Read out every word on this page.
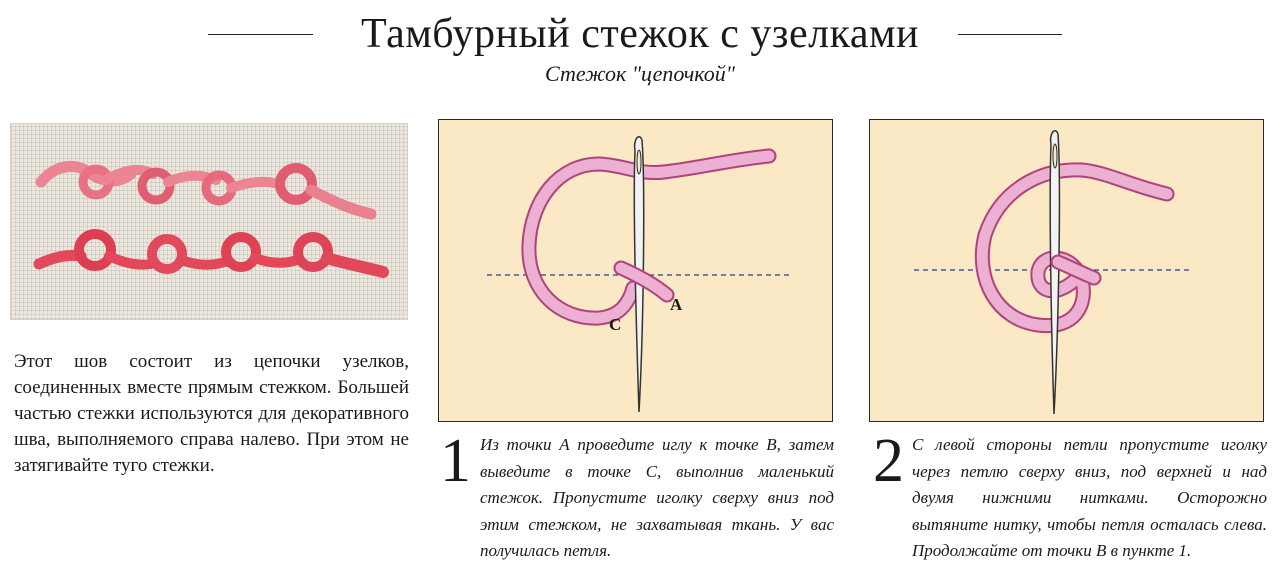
Тамбурный стежок с узелками
Стежок "цепочкой"
Этот шов состоит из цепочки узелков, соединенных вместе прямым стежком. Большей частью стежки используются для декоративного шва, выполняемого справа налево. При этом не затягивайте туго стежки.
A
C
1 Из точки А проведите иглу к точке В, затем выведите в точке С, выполнив маленький стежок. Пропустите иголку сверху вниз под этим стежком, не захватывая ткань. У вас получилась петля.
2 С левой стороны петли пропустите иголку через петлю сверху вниз, под верхней и над двумя нижними нитками. Осторожно вытяните нитку, чтобы петля осталась слева. Продолжайте от точки В в пункте 1.
